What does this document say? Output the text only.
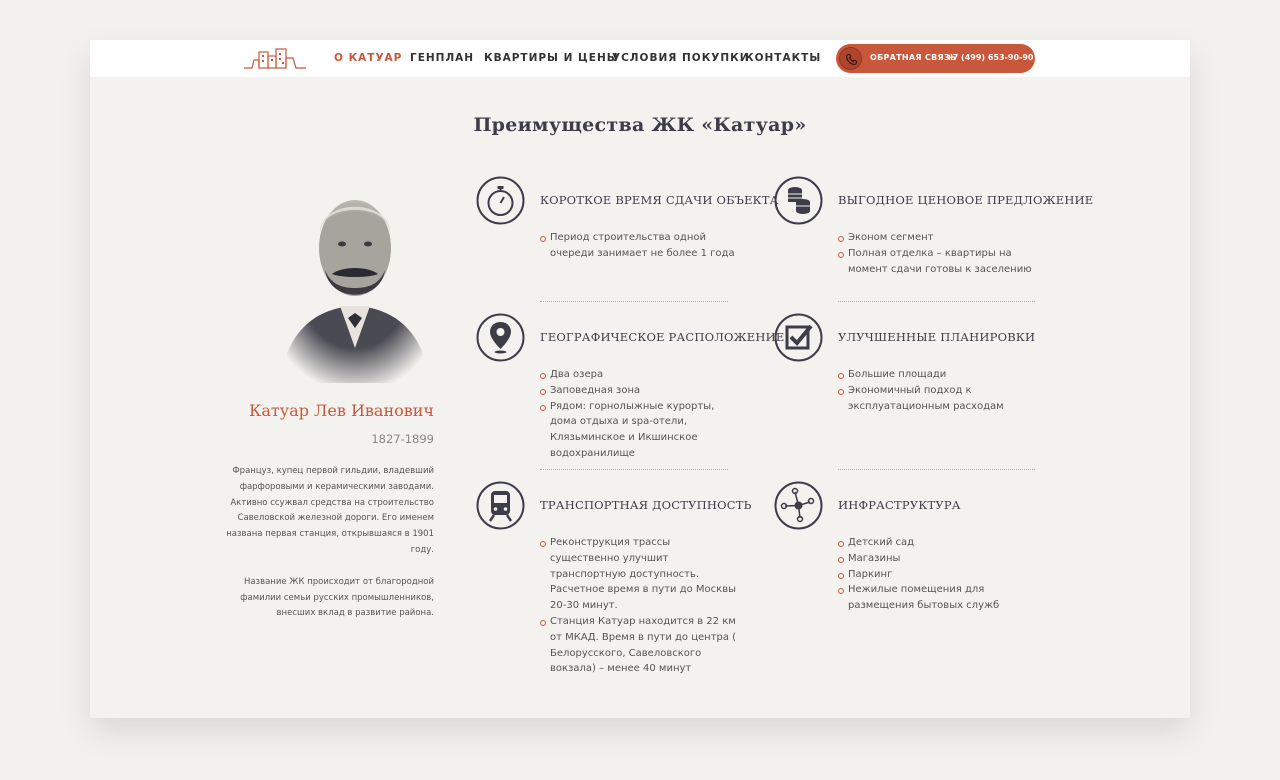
О КАТУАР ГЕНПЛАН КВАРТИРЫ И ЦЕНЫ
УСЛОВИЯ ПОКУПКИ
КОНТАКТЫ	ОБРАТНАЯ СВЯЗЬ
+7 (499) 653-90-90
Преимущества ЖК «Катуар»
Катуар Лев Иванович
1827-1899

Француз, купец первой гильдии, владевший фарфоровыми и керамическими заводами. Активно ссужвал средства на строительство Савеловской железной дороги. Его именем названа первая станция, открывшаяся в 1901 году.

Название ЖК происходит от благородной фамилии семьи русских промышленников, внесших вклад в развитие района.

КОРОТКОЕ ВРЕМЯ СДАЧИ ОБЪЕКТА
Период строительства одной очереди занимает не более 1 года
ВЫГОДНОЕ ЦЕНОВОЕ ПРЕДЛОЖЕНИЕ
Эконом сегмент
Полная отделка – квартиры на момент сдачи готовы к заселению
ГЕОГРАФИЧЕСКОЕ РАСПОЛОЖЕНИЕ
Два озера
Заповедная зона
Рядом: горнолыжные курорты, дома отдыха и spa-отели, Клязьминское и Икшинское водохранилище
УЛУЧШЕННЫЕ ПЛАНИРОВКИ
Большие площади
Экономичный подход к эксплуатационным расходам
ТРАНСПОРТНАЯ ДОСТУПНОСТЬ
Реконструкция трассы существенно улучшит транспортную доступность. Расчетное время в пути до Москвы 20-30 минут.
Станция Катуар находится в 22 км от МКАД. Время в пути до центра ( Белорусского, Савеловского вокзала) – менее 40 минут
ИНФРАСТРУКТУРА
Детский сад
Магазины
Паркинг
Нежилые помещения для размещения бытовых служб
